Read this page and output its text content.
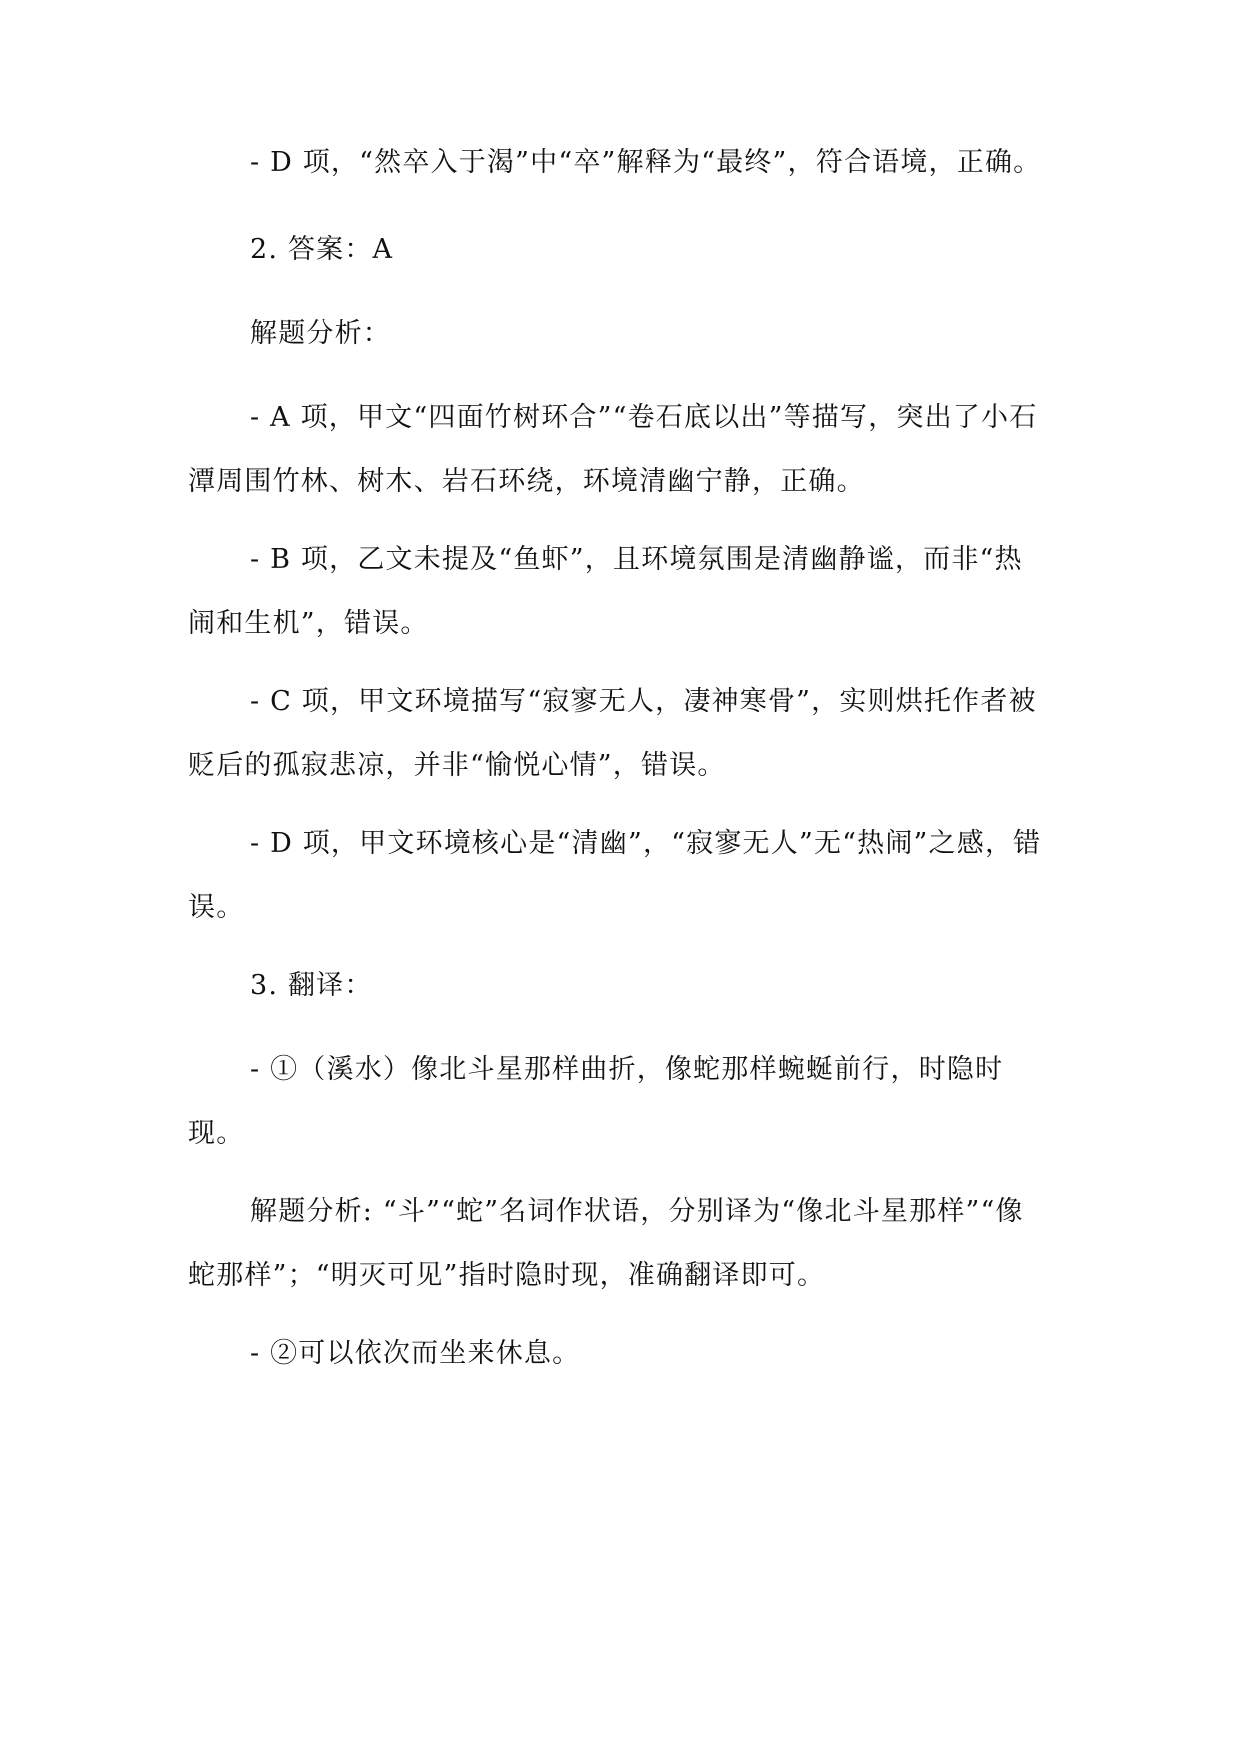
- D 项，“然卒入于渴”中“卒”解释为“最终”，符合语境，正确。

2. 答案：A

解题分析：

- A 项，甲文“四面竹树环合”“卷石底以出”等描写，突出了小石潭周围竹林、树木、岩石环绕，环境清幽宁静，正确。

- B 项，乙文未提及“鱼虾”，且环境氛围是清幽静谧，而非“热闹和生机”，错误。

- C 项，甲文环境描写“寂寥无人，凄神寒骨”，实则烘托作者被贬后的孤寂悲凉，并非“愉悦心情”，错误。

- D 项，甲文环境核心是“清幽”，“寂寥无人”无“热闹”之感，错误。

3. 翻译：

- ①（溪水）像北斗星那样曲折，像蛇那样蜿蜒前行，时隐时现。

解题分析: “斗”“蛇”名词作状语，分别译为“像北斗星那样”“像蛇那样”；“明灭可见”指时隐时现，准确翻译即可。

- ②可以依次而坐来休息。
